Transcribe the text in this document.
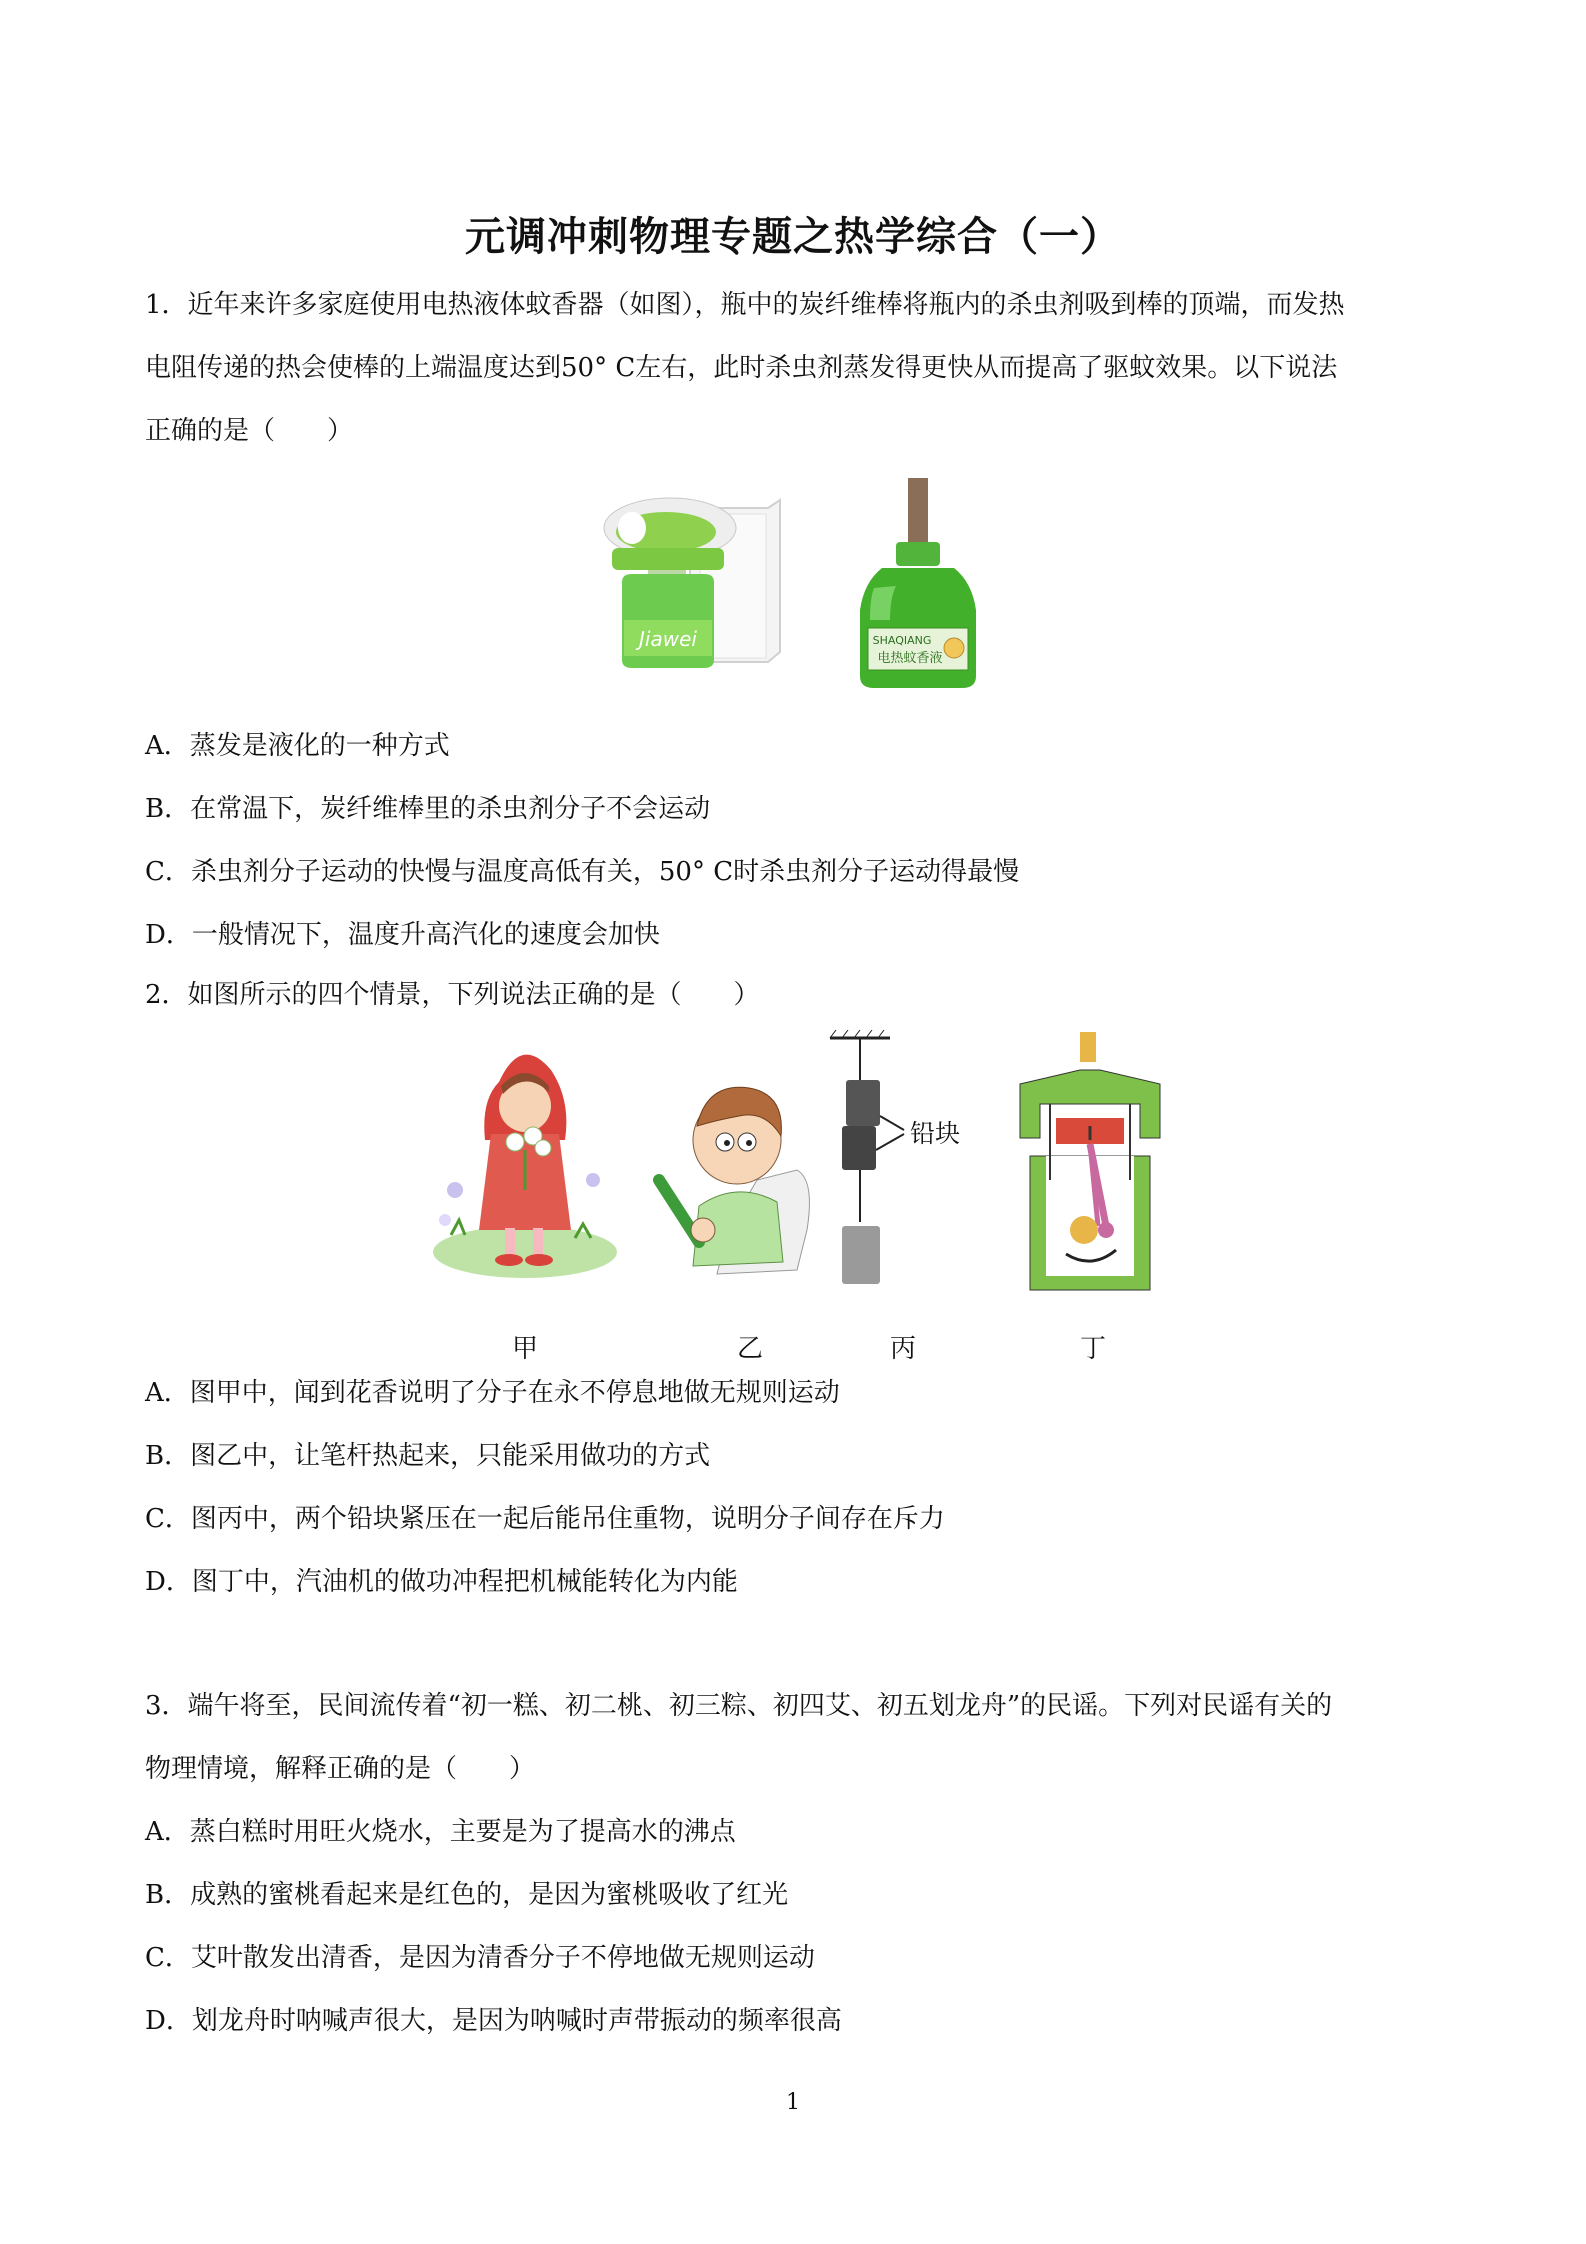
元调冲刺物理专题之热学综合（一）
1．近年来许多家庭使用电热液体蚊香器（如图），瓶中的炭纤维棒将瓶内的杀虫剂吸到棒的顶端，而发热
电阻传递的热会使棒的上端温度达到50° C左右，此时杀虫剂蒸发得更快从而提高了驱蚊效果。以下说法
正确的是（　　）
Jiawei	SHAQIANG
电热蚊香液
A．蒸发是液化的一种方式
B．在常温下，炭纤维棒里的杀虫剂分子不会运动
C．杀虫剂分子运动的快慢与温度高低有关，50° C时杀虫剂分子运动得最慢
D．一般情况下，温度升高汽化的速度会加快
2．如图所示的四个情景，下列说法正确的是（　　）
铅块
甲	乙	丙	丁
A．图甲中，闻到花香说明了分子在永不停息地做无规则运动
B．图乙中，让笔杆热起来，只能采用做功的方式
C．图丙中，两个铅块紧压在一起后能吊住重物，说明分子间存在斥力
D．图丁中，汽油机的做功冲程把机械能转化为内能
3．端午将至，民间流传着“初一糕、初二桃、初三粽、初四艾、初五划龙舟”的民谣。下列对民谣有关的
物理情境，解释正确的是（　　）
A．蒸白糕时用旺火烧水，主要是为了提高水的沸点
B．成熟的蜜桃看起来是红色的，是因为蜜桃吸收了红光
C．艾叶散发出清香，是因为清香分子不停地做无规则运动
D．划龙舟时呐喊声很大，是因为呐喊时声带振动的频率很高
1
